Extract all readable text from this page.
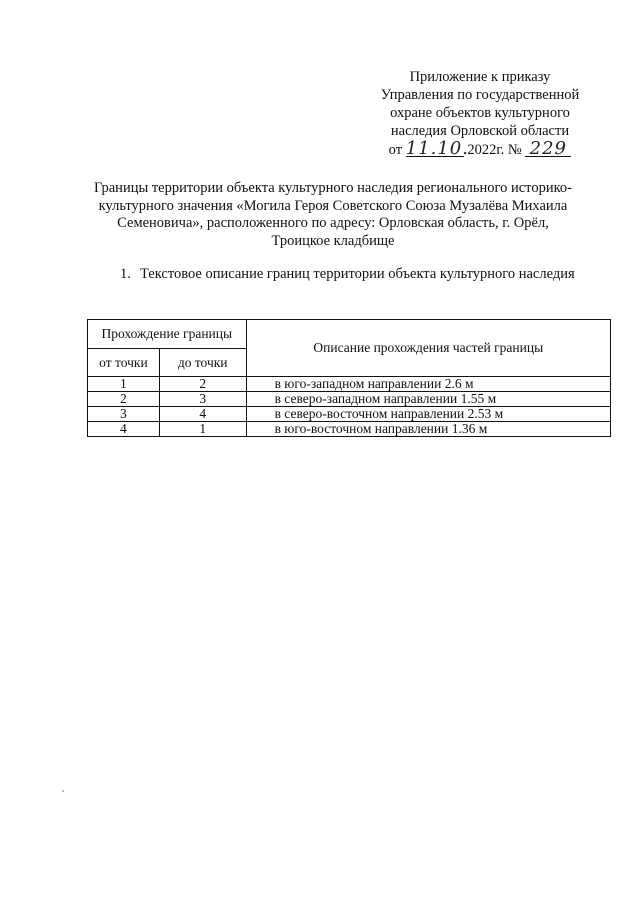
Приложение к приказу
Управления по государственной
охране объектов культурного
наследия Орловской области
от 11.10. 2022г. № 229
Границы территории объекта культурного наследия регионального историко-
культурного значения «Могила Героя Советского Союза Музалёва Михаила
Семеновича», расположенного по адресу: Орловская область, г. Орёл,
Троицкое кладбище
1. Текстовое описание границ территории объекта культурного наследия
Прохождение границы		Описание прохождения частей границы
от точки	до точки	
1	2	в юго-западном направлении 2.6 м
2	3	в северо-западном направлении 1.55 м
3	4	в северо-восточном направлении 2.53 м
4	1	в юго-восточном направлении 1.36 м
